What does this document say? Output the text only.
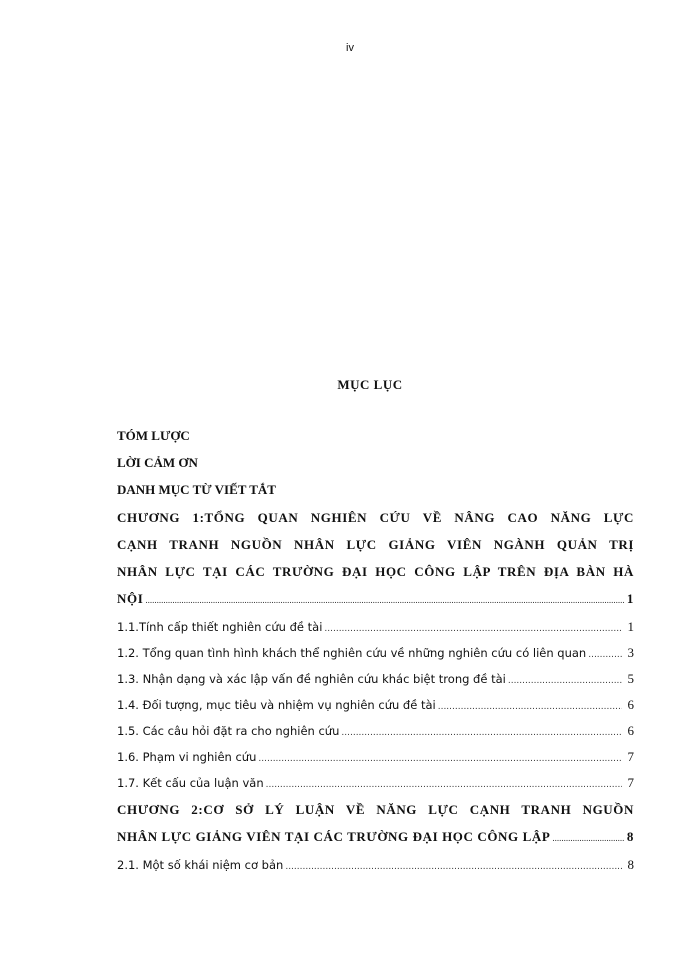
iv
MỤC LỤC
TÓM LƯỢC
LỜI CẢM ƠN
DANH MỤC TỪ VIẾT TẮT
CHƯƠNG 1:TỔNG QUAN NGHIÊN CỨU VỀ NÂNG CAO NĂNG LỰC
CẠNH TRANH NGUỒN NHÂN LỰC GIẢNG VIÊN NGÀNH QUẢN TRỊ
NHÂN LỰC TẠI CÁC TRƯỜNG ĐẠI HỌC CÔNG LẬP TRÊN ĐỊA BÀN HÀ
NỘI .....	1
1.1.Tính cấp thiết nghiên cứu đề tài .....	1
1.2. Tổng quan tình hình khách thể nghiên cứu về những nghiên cứu có liên quan .....	3
1.3. Nhận dạng và xác lập vấn đề nghiên cứu khác biệt trong đề tài .....	5
1.4. Đối tượng, mục tiêu và nhiệm vụ nghiên cứu đề tài .....	6
1.5. Các câu hỏi đặt ra cho nghiên cứu .....	6
1.6. Phạm vi nghiên cứu .....	7
1.7. Kết cấu của luận văn .....	7
CHƯƠNG 2:CƠ SỞ LÝ LUẬN VỀ NĂNG LỰC CẠNH TRANH NGUỒN
NHÂN LỰC GIẢNG VIÊN TẠI CÁC TRƯỜNG ĐẠI HỌC CÔNG LẬP .....	8
2.1. Một số khái niệm cơ bản .....	8
